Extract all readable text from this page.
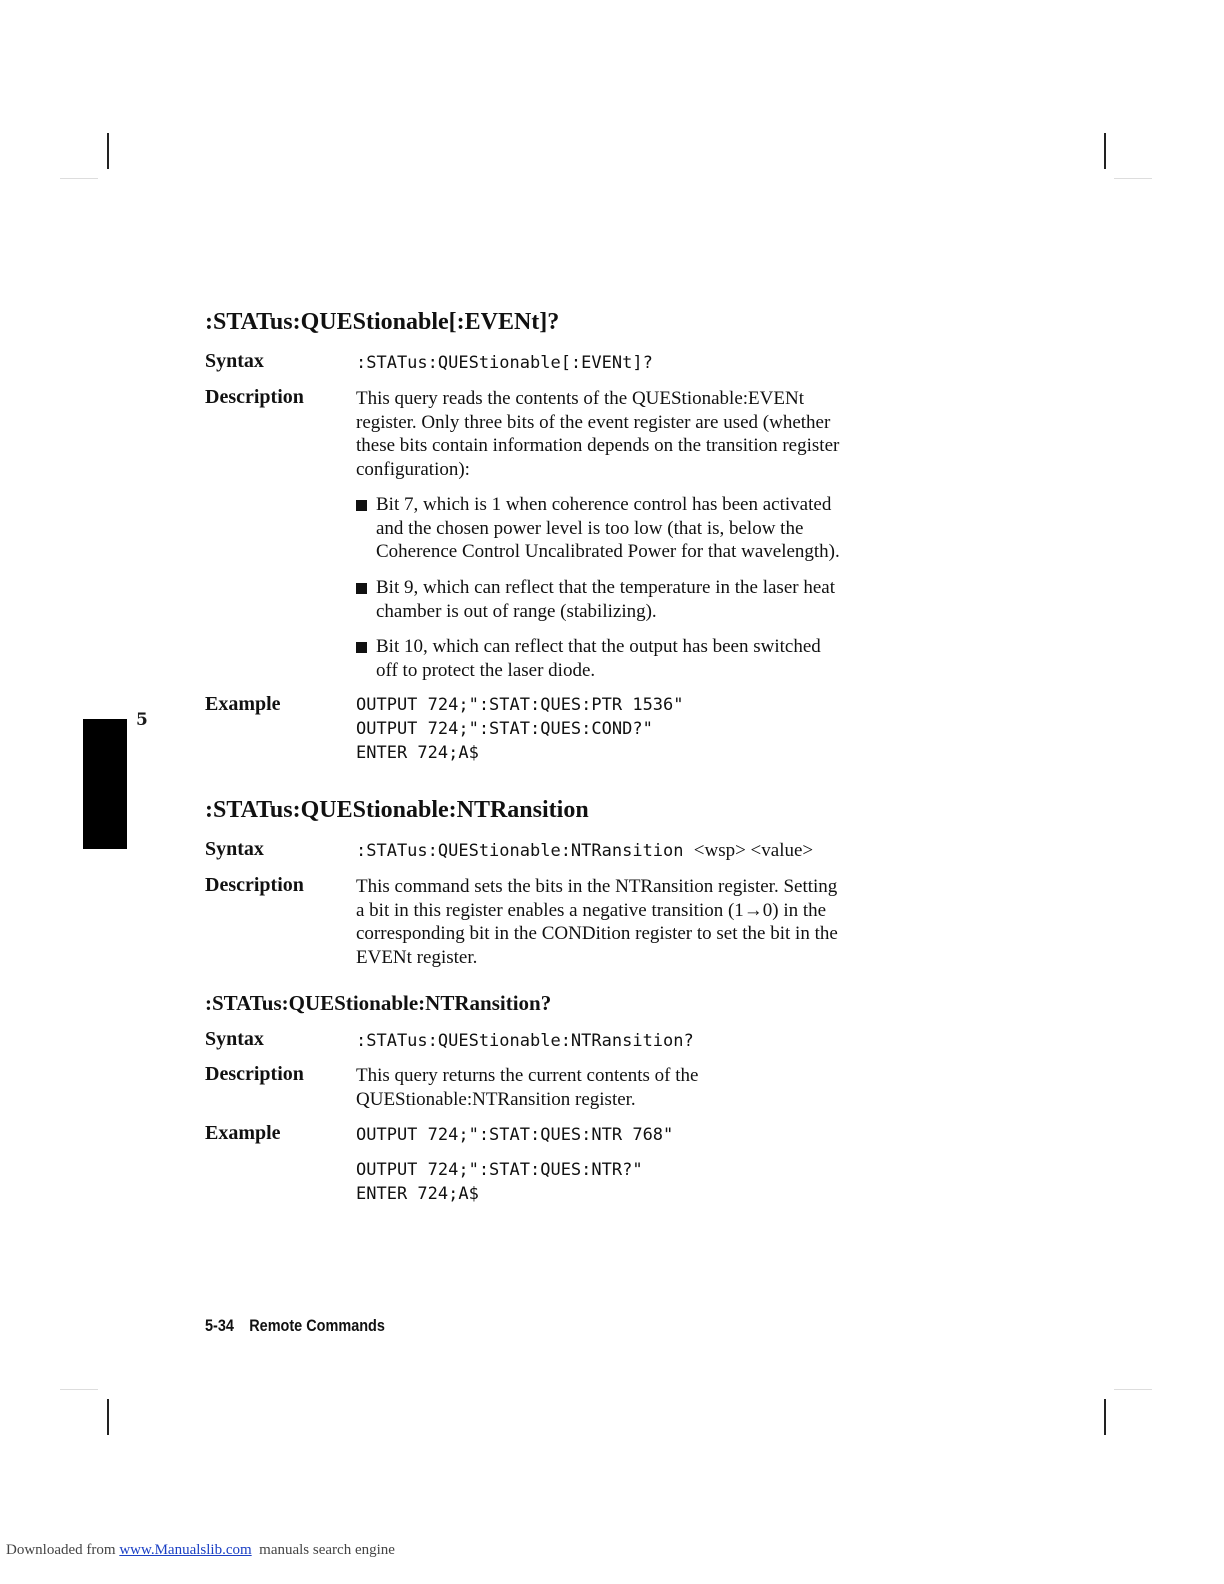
5
:STATus:QUEStionable[:EVENt]?
Syntax	:STATus:QUEStionable[:EVENt]?
Description	This query reads the contents of the QUEStionable:EVENt
register. Only three bits of the event register are used (whether
these bits contain information depends on the transition register
configuration):
Bit 7, which is 1 when coherence control has been activated
and the chosen power level is too low (that is, below the
Coherence Control Uncalibrated Power for that wavelength).
Bit 9, which can reflect that the temperature in the laser heat
chamber is out of range (stabilizing).
Bit 10, which can reflect that the output has been switched
off to protect the laser diode.
Example	OUTPUT 724;":STAT:QUES:PTR 1536"
OUTPUT 724;":STAT:QUES:COND?"
ENTER 724;A$
:STATus:QUEStionable:NTRansition
Syntax	:STATus:QUEStionable:NTRansition <wsp> <value>
Description	This command sets the bits in the NTRansition register. Setting
a bit in this register enables a negative transition (1→0) in the
corresponding bit in the CONDition register to set the bit in the
EVENt register.
:STATus:QUEStionable:NTRansition?
Syntax	:STATus:QUEStionable:NTRansition?
Description	This query returns the current contents of the
QUEStionable:NTRansition register.
Example	OUTPUT 724;":STAT:QUES:NTR 768"
OUTPUT 724;":STAT:QUES:NTR?"
ENTER 724;A$
5-34 Remote Commands
Downloaded from www.Manualslib.com manuals search engine
